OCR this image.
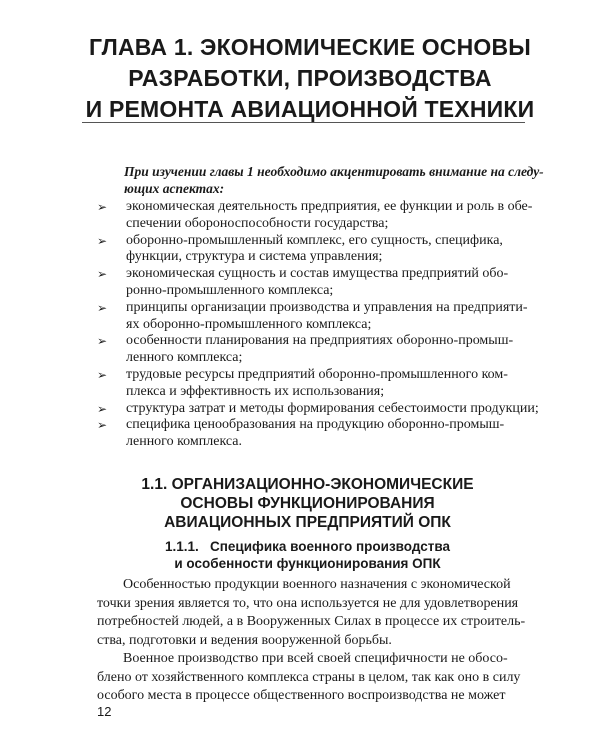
ГЛАВА 1. ЭКОНОМИЧЕСКИЕ ОСНОВЫ
РАЗРАБОТКИ, ПРОИЗВОДСТВА
И РЕМОНТА АВИАЦИОННОЙ ТЕХНИКИ
При изучении главы 1 необходимо акцентировать внимание на следу-
ющих аспектах:
➢	экономическая деятельность предприятия, ее функции и роль в обе-
спечении обороноспособности государства;
➢	оборонно-промышленный комплекс, его сущность, специфика,
функции, структура и система управления;
➢	экономическая сущность и состав имущества предприятий обо-
ронно-промышленного комплекса;
➢	принципы организации производства и управления на предприяти-
ях оборонно-промышленного комплекса;
➢	особенности планирования на предприятиях оборонно-промыш-
ленного комплекса;
➢	трудовые ресурсы предприятий оборонно-промышленного ком-
плекса и эффективность их использования;
➢	структура затрат и методы формирования себестоимости продукции;
➢	специфика ценообразования на продукцию оборонно-промыш-
ленного комплекса.
1.1. ОРГАНИЗАЦИОННО-ЭКОНОМИЧЕСКИЕ
ОСНОВЫ ФУНКЦИОНИРОВАНИЯ
АВИАЦИОННЫХ ПРЕДПРИЯТИЙ ОПК
1.1.1.   Специфика военного производства
и особенности функционирования ОПК
Особенностью продукции военного назначения с экономической
точки зрения является то, что она используется не для удовлетворения
потребностей людей, а в Вооруженных Силах в процессе их строитель-
ства, подготовки и ведения вооруженной борьбы.
Военное производство при всей своей специфичности не обосо-
блено от хозяйственного комплекса страны в целом, так как оно в силу
особого места в процессе общественного воспроизводства не может
12
